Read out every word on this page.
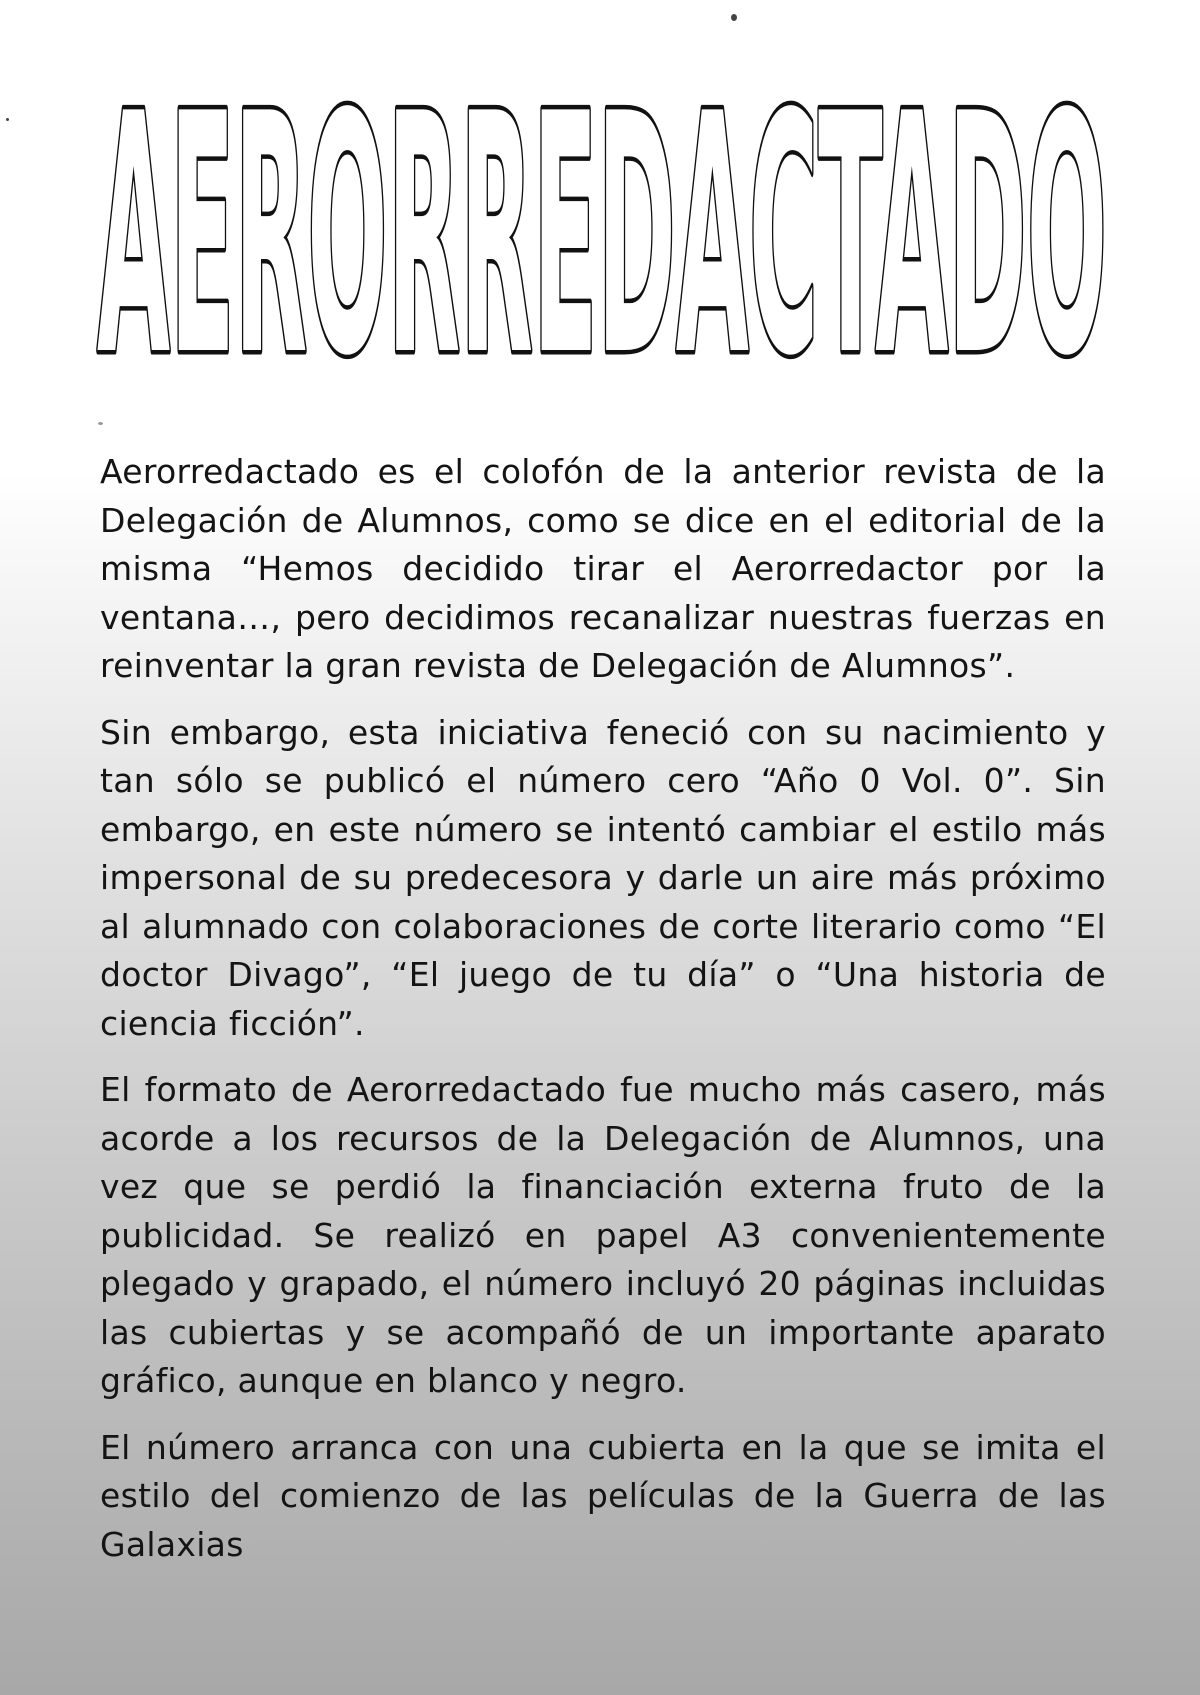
AERORREDACTADO

Aerorredactado es el colofón de la anterior revista de la Delegación de Alumnos, como se dice en el editorial de la misma “Hemos decidido tirar el Aerorredactor por la ventana…, pero decidimos recanalizar nuestras fuerzas en reinventar la gran revista de Delegación de Alumnos”.

Sin embargo, esta iniciativa feneció con su nacimiento y tan sólo se publicó el número cero “Año 0 Vol. 0”. Sin embargo, en este número se intentó cambiar el estilo más impersonal de su predecesora y darle un aire más próximo al alumnado con colaboraciones de corte literario como “El doctor Divago”, “El juego de tu día” o “Una historia de ciencia ficción”.

El formato de Aerorredactado fue mucho más casero, más acorde a los recursos de la Delegación de Alumnos, una vez que se perdió la financiación externa fruto de la publicidad. Se realizó en papel A3 convenientemente plegado y grapado, el número incluyó 20 páginas incluidas las cubiertas y se acompañó de un importante aparato gráfico, aunque en blanco y negro.

El número arranca con una cubierta en la que se imita el estilo del comienzo de las películas de la Guerra de las Galaxias
